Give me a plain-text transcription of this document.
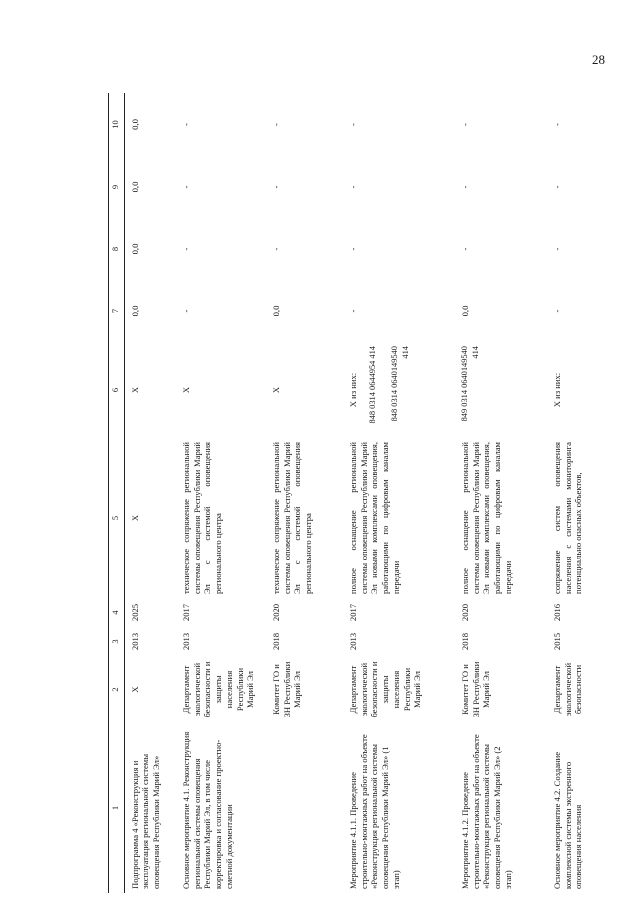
28
1	2	3	4	5	6	7	8	9	10
Подпрограмма 4 «Реконструкция и эксплуатация региональной системы оповещения Республики Марий Эл»	Х	2013	2025	Х	Х	0,0	0,0	0,0	0,0
Основное мероприятие 4.1. Реконструкция региональной системы оповещения Республики Марий Эл, в том числе корректировка и согласование проектно-сметной документации	Департамент экологической безопасности и защиты населения Республики Марий Эл	2013	2017	техническое сопряжение региональной системы оповещения Республики Марий Эл с системой оповещения регионального центра	Х	-	-	-	-
	Комитет ГО и ЗН Республики Марий Эл	2018	2020	техническое сопряжение региональной системы оповещения Республики Марий Эл с системой оповещения регионального центра	Х	0,0	-	-	-
Мероприятие 4.1.1. Проведение строительно-монтажных работ на объекте «Реконструкция региональной системы оповещения Республики Марий Эл» (1 этап)	Департамент экологической безопасности и защиты населения Республики Марий Эл	2013	2017	полное оснащение региональной системы оповещения Республики Марий Эл новыми комплексами оповещения, работающими по цифровым каналам передачи	Х из них: 848 0314 0644954 414 848 0314 0640149540 414	-	-	-	-
Мероприятие 4.1.2. Проведение строительно-монтажных работ на объекте «Реконструкция региональной системы оповещения Республики Марий Эл» (2 этап)	Комитет ГО и ЗН Республики Марий Эл	2018	2020	полное оснащение региональной системы оповещения Республики Марий Эл новыми комплексами оповещения, работающими по цифровым каналам передачи	849 0314 0640149540 414	0,0	-	-	-
Основное мероприятие 4.2. Создание комплексной системы экстренного оповещения населения	Департамент экологической безопасности	2015	2016	сопряжение систем оповещения населения с системами мониторинга потенциально опасных объектов,	Х из них:	-	-	-	-
